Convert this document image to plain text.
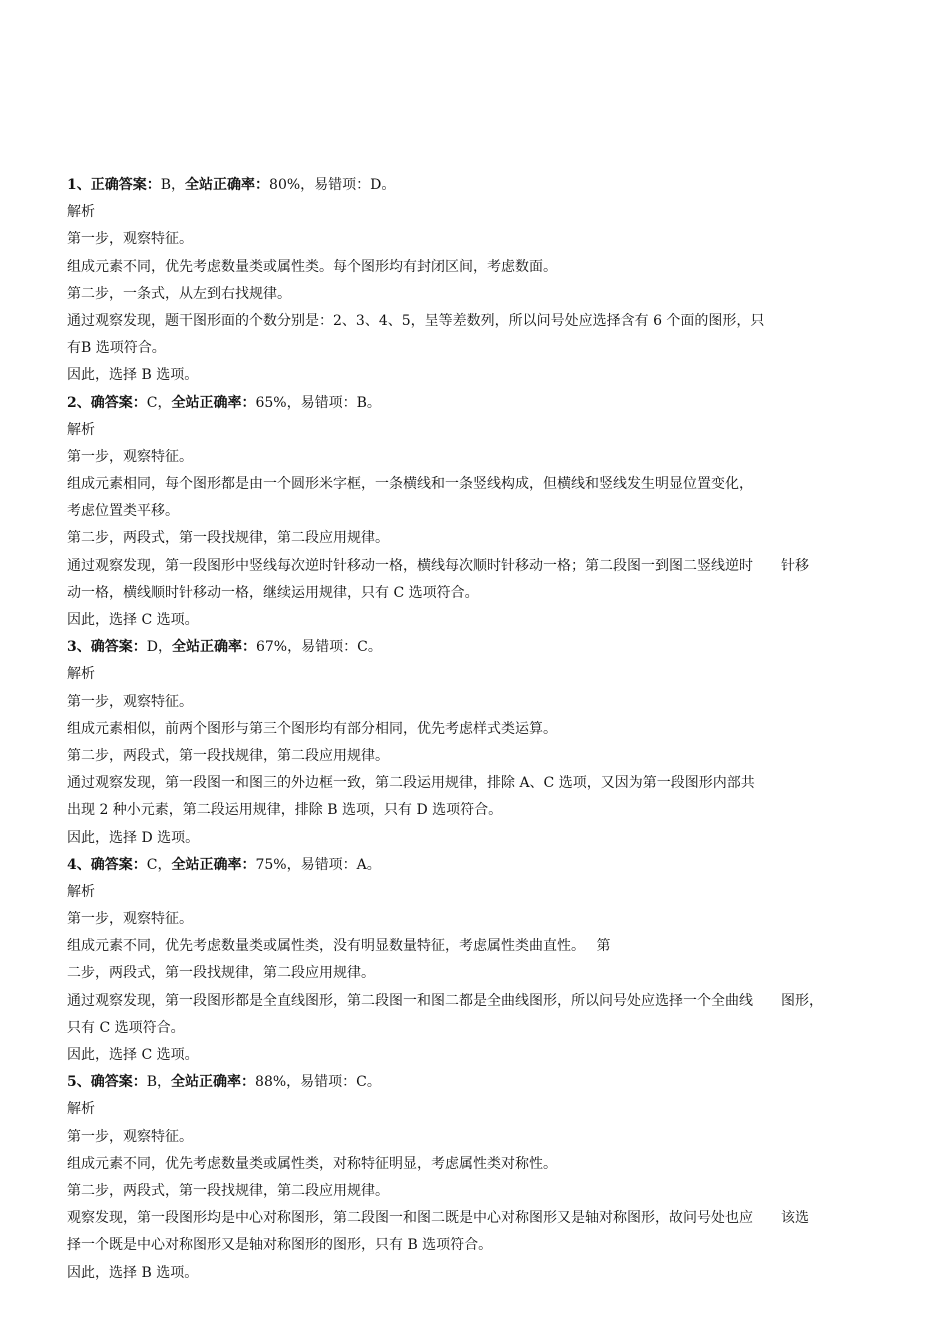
1、正确答案：B，全站正确率：80%，易错项：D。
解析
第一步，观察特征。
组成元素不同，优先考虑数量类或属性类。每个图形均有封闭区间，考虑数面。
第二步，一条式，从左到右找规律。
通过观察发现，题干图形面的个数分别是：2、3、4、5，呈等差数列，所以问号处应选择含有 6 个面的图形，只
有B 选项符合。
因此，选择 B 选项。
2、确答案：C，全站正确率：65%，易错项：B。
解析
第一步，观察特征。
组成元素相同，每个图形都是由一个圆形米字框，一条横线和一条竖线构成，但横线和竖线发生明显位置变化，
考虑位置类平移。
第二步，两段式，第一段找规律，第二段应用规律。
通过观察发现，第一段图形中竖线每次逆时针移动一格，横线每次顺时针移动一格；第二段图一到图二竖线逆时　　针移
动一格，横线顺时针移动一格，继续运用规律，只有 C 选项符合。
因此，选择 C 选项。
3、确答案：D，全站正确率：67%，易错项：C。
解析
第一步，观察特征。
组成元素相似，前两个图形与第三个图形均有部分相同，优先考虑样式类运算。
第二步，两段式，第一段找规律，第二段应用规律。
通过观察发现，第一段图一和图三的外边框一致，第二段运用规律，排除 A、C 选项，又因为第一段图形内部共
出现 2 种小元素，第二段运用规律，排除 B 选项，只有 D 选项符合。
因此，选择 D 选项。
4、确答案：C，全站正确率：75%，易错项：A。
解析
第一步，观察特征。
组成元素不同，优先考虑数量类或属性类，没有明显数量特征，考虑属性类曲直性。　 第
二步，两段式，第一段找规律，第二段应用规律。
通过观察发现，第一段图形都是全直线图形，第二段图一和图二都是全曲线图形，所以问号处应选择一个全曲线　　图形，
只有 C 选项符合。
因此，选择 C 选项。
5、确答案：B，全站正确率：88%，易错项：C。
解析
第一步，观察特征。
组成元素不同，优先考虑数量类或属性类，对称特征明显，考虑属性类对称性。
第二步，两段式，第一段找规律，第二段应用规律。
观察发现，第一段图形均是中心对称图形，第二段图一和图二既是中心对称图形又是轴对称图形，故问号处也应　　该选
择一个既是中心对称图形又是轴对称图形的图形，只有 B 选项符合。
因此，选择 B 选项。
